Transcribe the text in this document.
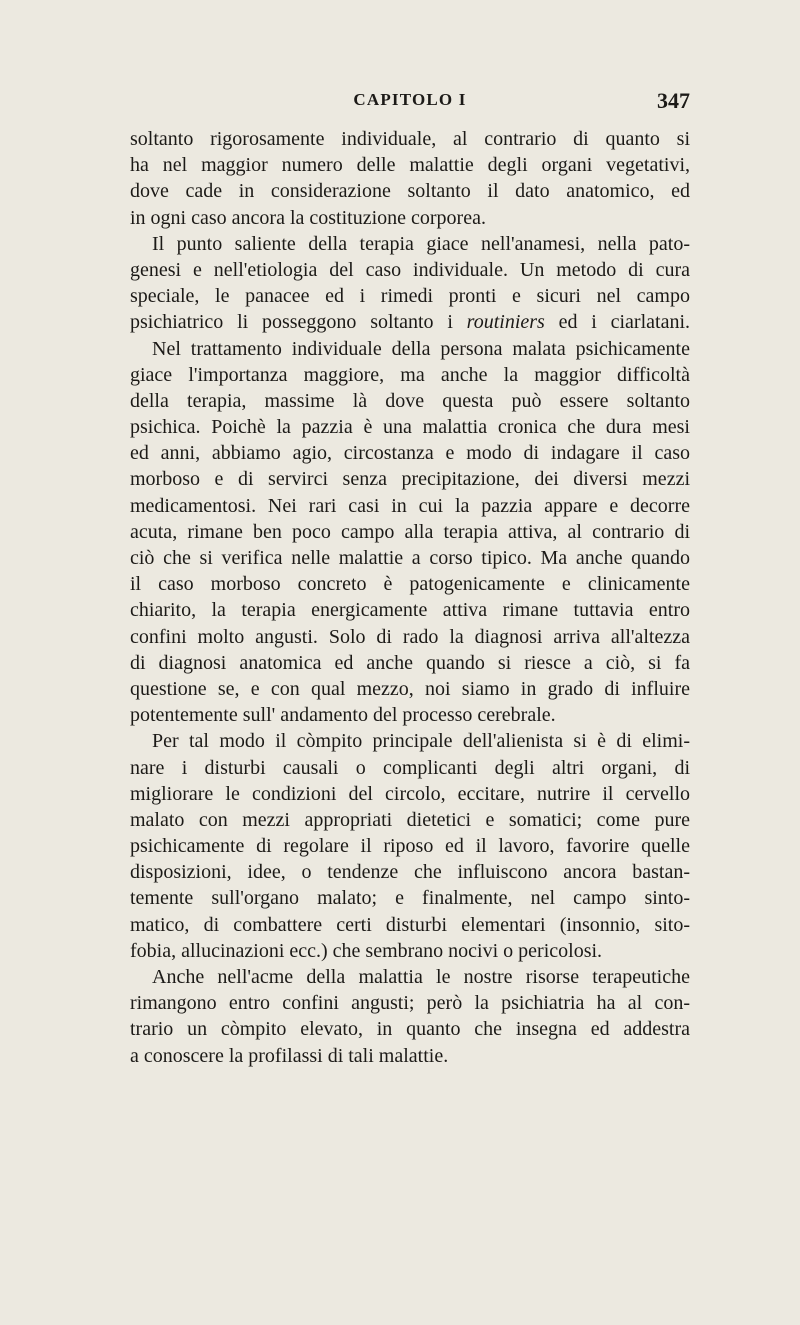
CAPITOLO I	347
soltanto rigorosamente individuale, al contrario di quanto si
ha nel maggior numero delle malattie degli organi vegetativi,
dove cade in considerazione soltanto il dato anatomico, ed
in ogni caso ancora la costituzione corporea.
Il punto saliente della terapia giace nell'anamesi, nella pato-
genesi e nell'etiologia del caso individuale. Un metodo di cura
speciale, le panacee ed i rimedi pronti e sicuri nel campo
psichiatrico li posseggono soltanto i routiniers ed i ciarlatani.
Nel trattamento individuale della persona malata psichicamente
giace l'importanza maggiore, ma anche la maggior difficoltà
della terapia, massime là dove questa può essere soltanto
psichica. Poichè la pazzia è una malattia cronica che dura mesi
ed anni, abbiamo agio, circostanza e modo di indagare il caso
morboso e di servirci senza precipitazione, dei diversi mezzi
medicamentosi. Nei rari casi in cui la pazzia appare e decorre
acuta, rimane ben poco campo alla terapia attiva, al contrario di
ciò che si verifica nelle malattie a corso tipico. Ma anche quando
il caso morboso concreto è patogenicamente e clinicamente
chiarito, la terapia energicamente attiva rimane tuttavia entro
confini molto angusti. Solo di rado la diagnosi arriva all'altezza
di diagnosi anatomica ed anche quando si riesce a ciò, si fa
questione se, e con qual mezzo, noi siamo in grado di influire
potentemente sull' andamento del processo cerebrale.
Per tal modo il còmpito principale dell'alienista si è di elimi-
nare i disturbi causali o complicanti degli altri organi, di
migliorare le condizioni del circolo, eccitare, nutrire il cervello
malato con mezzi appropriati dietetici e somatici; come pure
psichicamente di regolare il riposo ed il lavoro, favorire quelle
disposizioni, idee, o tendenze che influiscono ancora bastan-
temente sull'organo malato; e finalmente, nel campo sinto-
matico, di combattere certi disturbi elementari (insonnio, sito-
fobia, allucinazioni ecc.) che sembrano nocivi o pericolosi.
Anche nell'acme della malattia le nostre risorse terapeutiche
rimangono entro confini angusti; però la psichiatria ha al con-
trario un còmpito elevato, in quanto che insegna ed addestra
a conoscere la profilassi di tali malattie.
